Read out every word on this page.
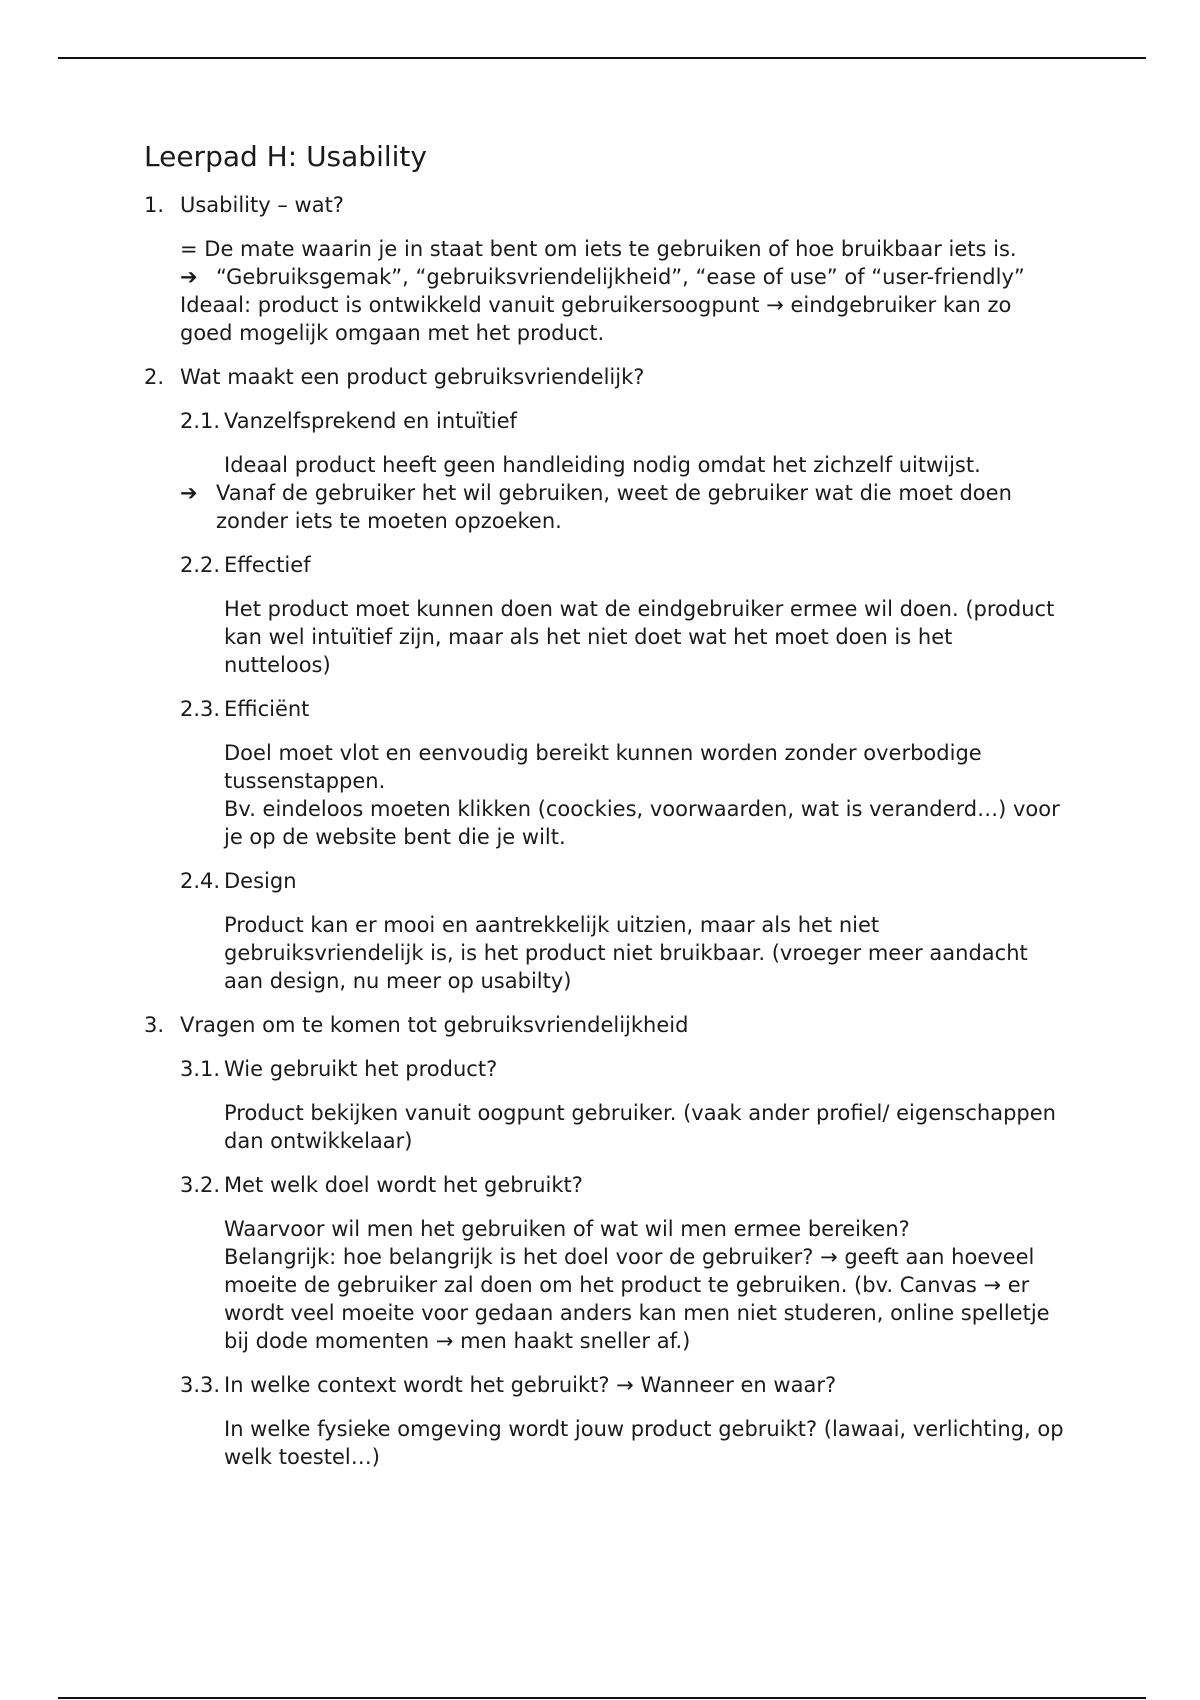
Leerpad H: Usability
1. Usability – wat?

= De mate waarin je in staat bent om iets te gebruiken of hoe bruikbaar iets is.

➔ “Gebruiksgemak”, “gebruiksvriendelijkheid”, “ease of use” of “user-friendly”

Ideaal: product is ontwikkeld vanuit gebruikersoogpunt → eindgebruiker kan zo goed mogelijk omgaan met het product.

2. Wat maakt een product gebruiksvriendelijk?
2.1. Vanzelfsprekend en intuïtief

Ideaal product heeft geen handleiding nodig omdat het zichzelf uitwijst.

➔ Vanaf de gebruiker het wil gebruiken, weet de gebruiker wat die moet doen zonder iets te moeten opzoeken.
2.2. Effectief

Het product moet kunnen doen wat de eindgebruiker ermee wil doen. (product kan wel intuïtief zijn, maar als het niet doet wat het moet doen is het nutteloos)

2.3. Efficiënt

Doel moet vlot en eenvoudig bereikt kunnen worden zonder overbodige tussenstappen.

Bv. eindeloos moeten klikken (coockies, voorwaarden, wat is veranderd…) voor je op de website bent die je wilt.

2.4. Design

Product kan er mooi en aantrekkelijk uitzien, maar als het niet gebruiksvriendelijk is, is het product niet bruikbaar. (vroeger meer aandacht aan design, nu meer op usabilty)

3. Vragen om te komen tot gebruiksvriendelijkheid
3.1. Wie gebruikt het product?

Product bekijken vanuit oogpunt gebruiker. (vaak ander profiel/ eigenschappen dan ontwikkelaar)

3.2. Met welk doel wordt het gebruikt?

Waarvoor wil men het gebruiken of wat wil men ermee bereiken?

Belangrijk: hoe belangrijk is het doel voor de gebruiker? → geeft aan hoeveel moeite de gebruiker zal doen om het product te gebruiken. (bv. Canvas → er wordt veel moeite voor gedaan anders kan men niet studeren, online spelletje bij dode momenten → men haakt sneller af.)

3.3. In welke context wordt het gebruikt? → Wanneer en waar?

In welke fysieke omgeving wordt jouw product gebruikt? (lawaai, verlichting, op welk toestel…)
